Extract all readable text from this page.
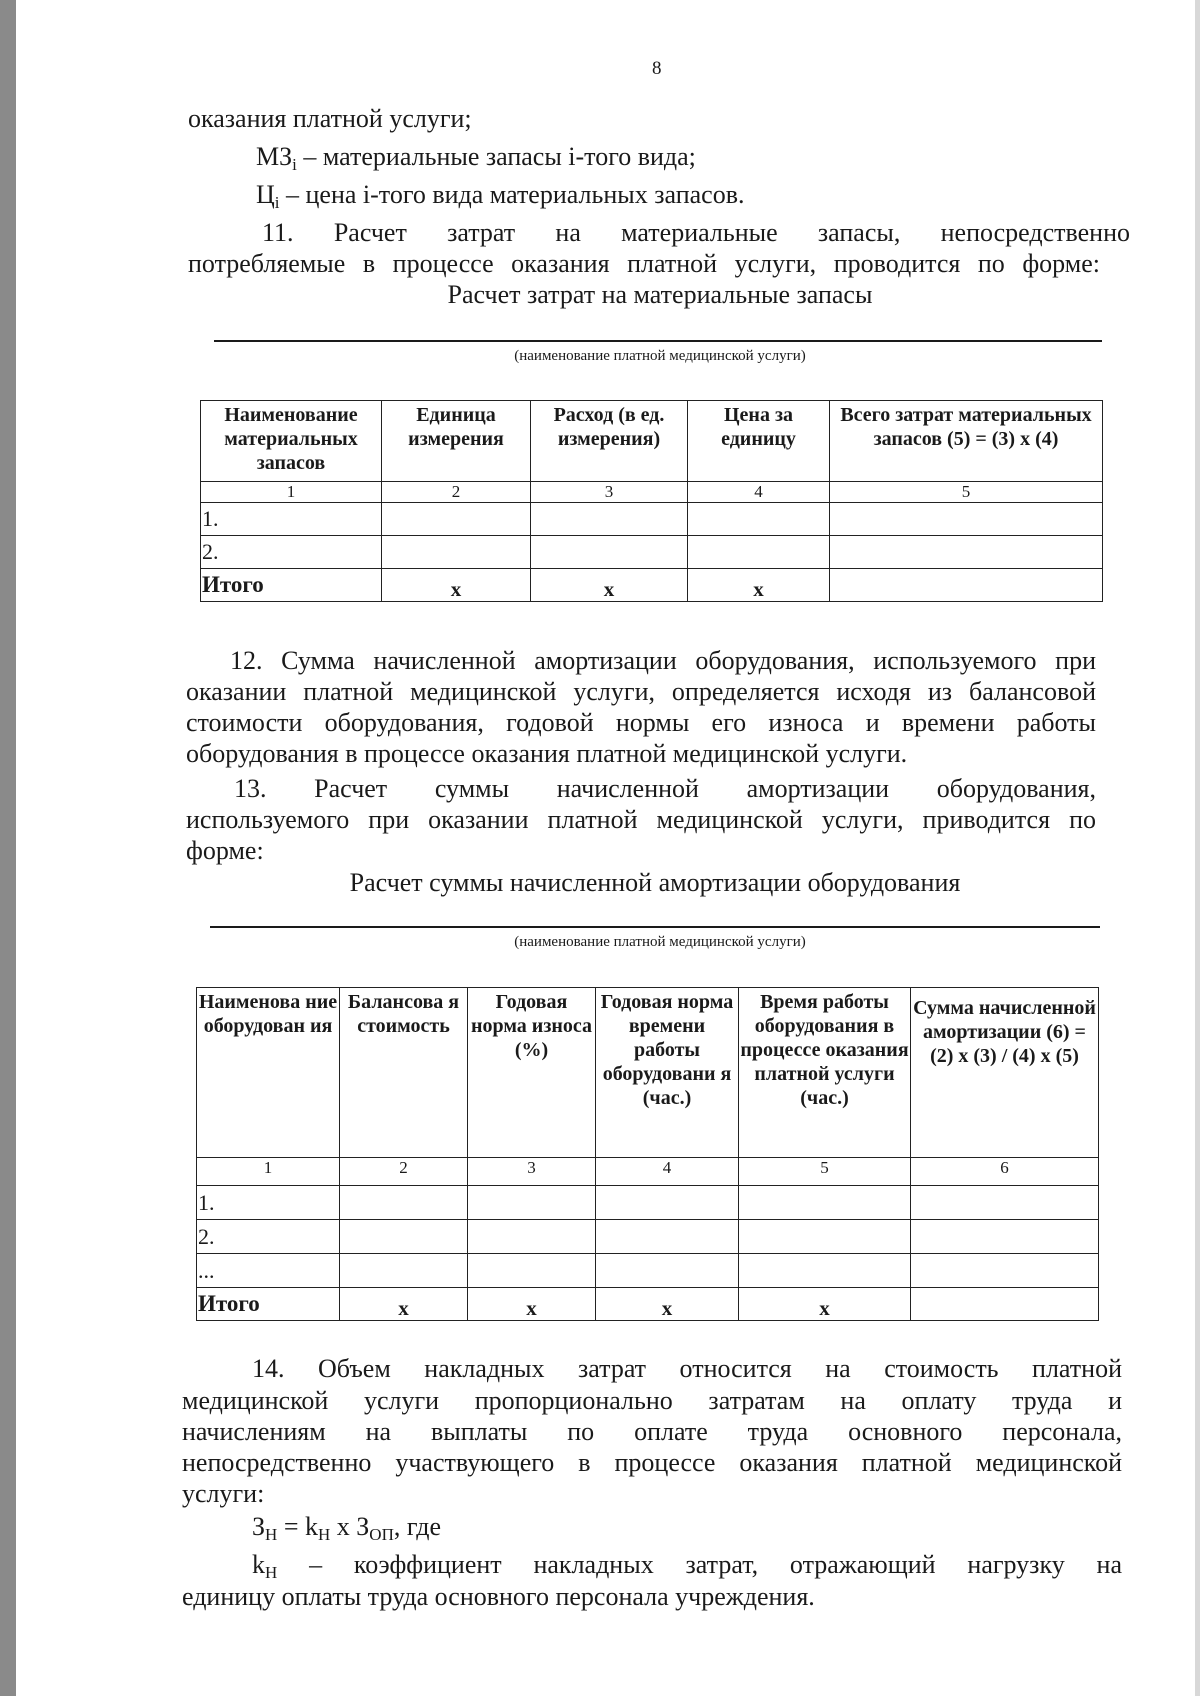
8
оказания платной услуги;
МЗi – материальные запасы i-того вида;
Цi – цена i-того вида материальных запасов.
11. Расчет затрат на материальные запасы, непосредственно
потребляемые в процессе оказания платной услуги, проводится по форме:
Расчет затрат на материальные запасы
(наименование платной медицинской услуги)
Наименование материальных запасов	Единица измерения	Расход (в ед. измерения)	Цена за единицу	Всего затрат материальных запасов (5) = (3) x (4)
1	2	3	4	5
1.				
2.				
Итого	x	x	x	
12. Сумма начисленной амортизации оборудования, используемого при
оказании платной медицинской услуги, определяется исходя из балансовой
стоимости оборудования, годовой нормы его износа и времени работы
оборудования в процессе оказания платной медицинской услуги.
13. Расчет суммы начисленной амортизации оборудования,
используемого при оказании платной медицинской услуги, приводится по
форме:
Расчет суммы начисленной амортизации оборудования
(наименование платной медицинской услуги)
Наименова ние оборудован ия	Балансова я стоимость	Годовая норма износа (%)	Годовая норма времени работы оборудовани я (час.)	Время работы оборудования в процессе оказания платной услуги (час.)	Сумма начисленной амортизации (6) = (2) x (3) / (4) x (5)
1	2	3	4	5	6
1.					
2.					
...					
Итого	x	x	x	x	
14. Объем накладных затрат относится на стоимость платной
медицинской услуги пропорционально затратам на оплату труда и
начислениям на выплаты по оплате труда основного персонала,
непосредственно участвующего в процессе оказания платной медицинской
услуги:
ЗН = kН x ЗОП, где
kН – коэффициент накладных затрат, отражающий нагрузку на
единицу оплаты труда основного персонала учреждения.
